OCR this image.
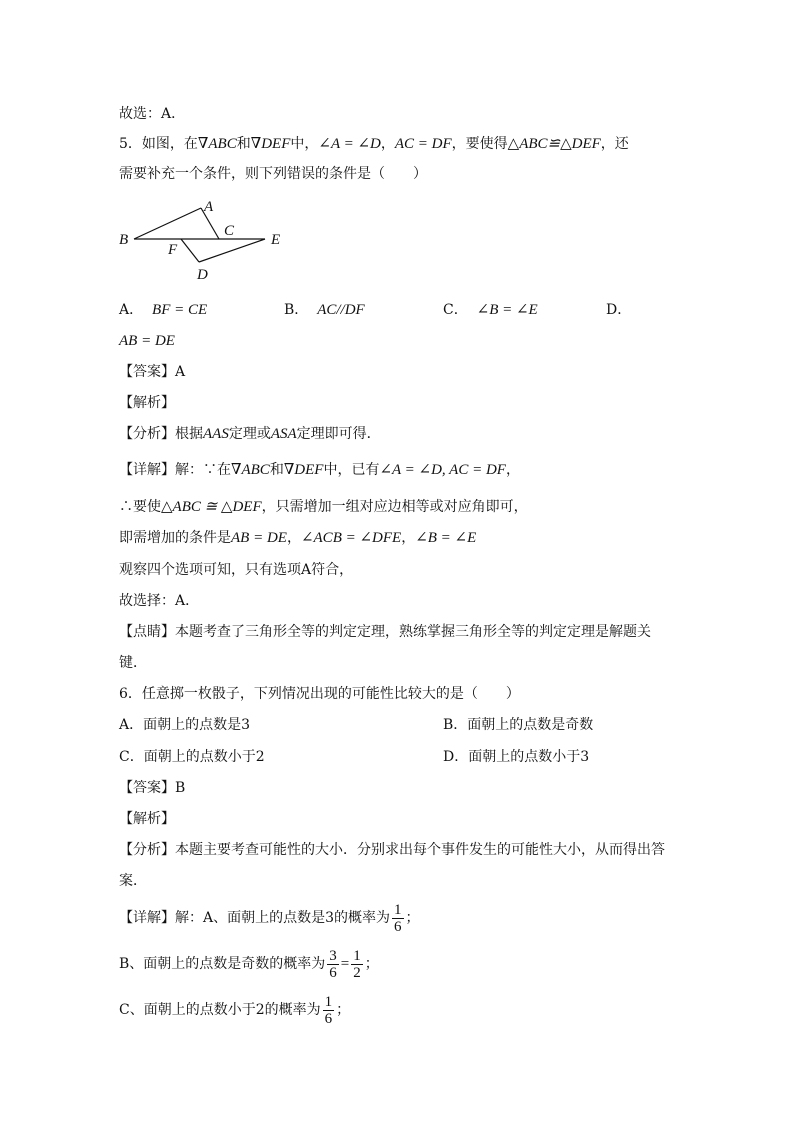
故选：A．
5．如图，在∇ABC和∇DEF中，∠A = ∠D，AC = DF，要使得△ABC≌△DEF，还
需要补充一个条件，则下列错误的条件是（　　）
A
B
C
D
E
F
A． BF = CE	B． AC//DF	C． ∠B = ∠E	D．
AB = DE
【答案】A
【解析】
【分析】根据AAS定理或ASA定理即可得．
【详解】解：∵在∇ABC和∇DEF中，已有∠A = ∠D, AC = DF，
∴要使△ABC ≅ △DEF，只需增加一组对应边相等或对应角即可，
即需增加的条件是AB = DE，∠ACB = ∠DFE，∠B = ∠E
观察四个选项可知，只有选项A符合，
故选择：A．
【点睛】本题考查了三角形全等的判定定理，熟练掌握三角形全等的判定定理是解题关
键．
6．任意掷一枚骰子，下列情况出现的可能性比较大的是（　　）
A．面朝上的点数是3	B．面朝上的点数是奇数
C．面朝上的点数小于2	D．面朝上的点数小于3
【答案】B
【解析】
【分析】本题主要考查可能性的大小．分别求出每个事件发生的可能性大小，从而得出答
案．
【详解】解：A、面朝上的点数是3的概率为 $\frac{1}{6}$ ；
B、面朝上的点数是奇数的概率为 $\frac{3}{6} = \frac{1}{2}$ ；
C、面朝上的点数小于2的概率为 $\frac{1}{6}$ ；
